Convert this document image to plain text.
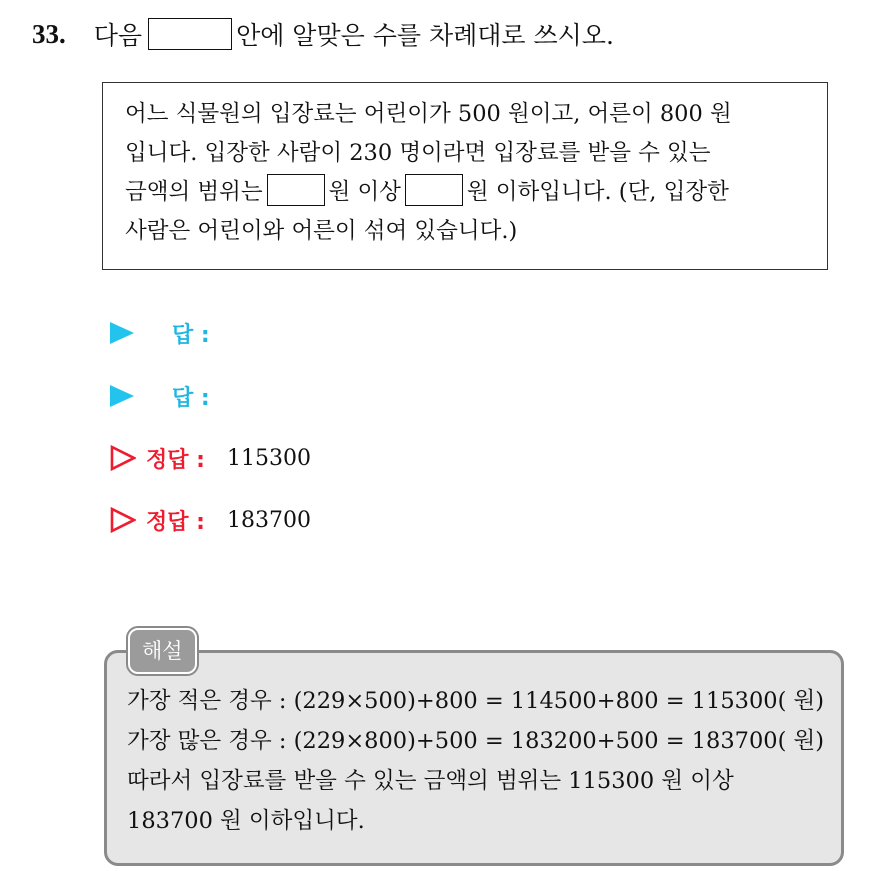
33. 다음	안에 알맞은 수를 차례대로 쓰시오.
어느 식물원의 입장료는 어린이가 500 원이고, 어른이 800 원
입니다. 입장한 사람이 230 명이라면 입장료를 받을 수 있는
금액의 범위는	원 이상	원 이하입니다. (단, 입장한
사람은 어린이와 어른이 섞여 있습니다.)
답 :
답 :
정답 : 115300
정답 : 183700
해설
가장 적은 경우 : (229×500)+800 = 114500+800 = 115300( 원)
가장 많은 경우 : (229×800)+500 = 183200+500 = 183700( 원)
따라서 입장료를 받을 수 있는 금액의 범위는 115300 원 이상
183700 원 이하입니다.
